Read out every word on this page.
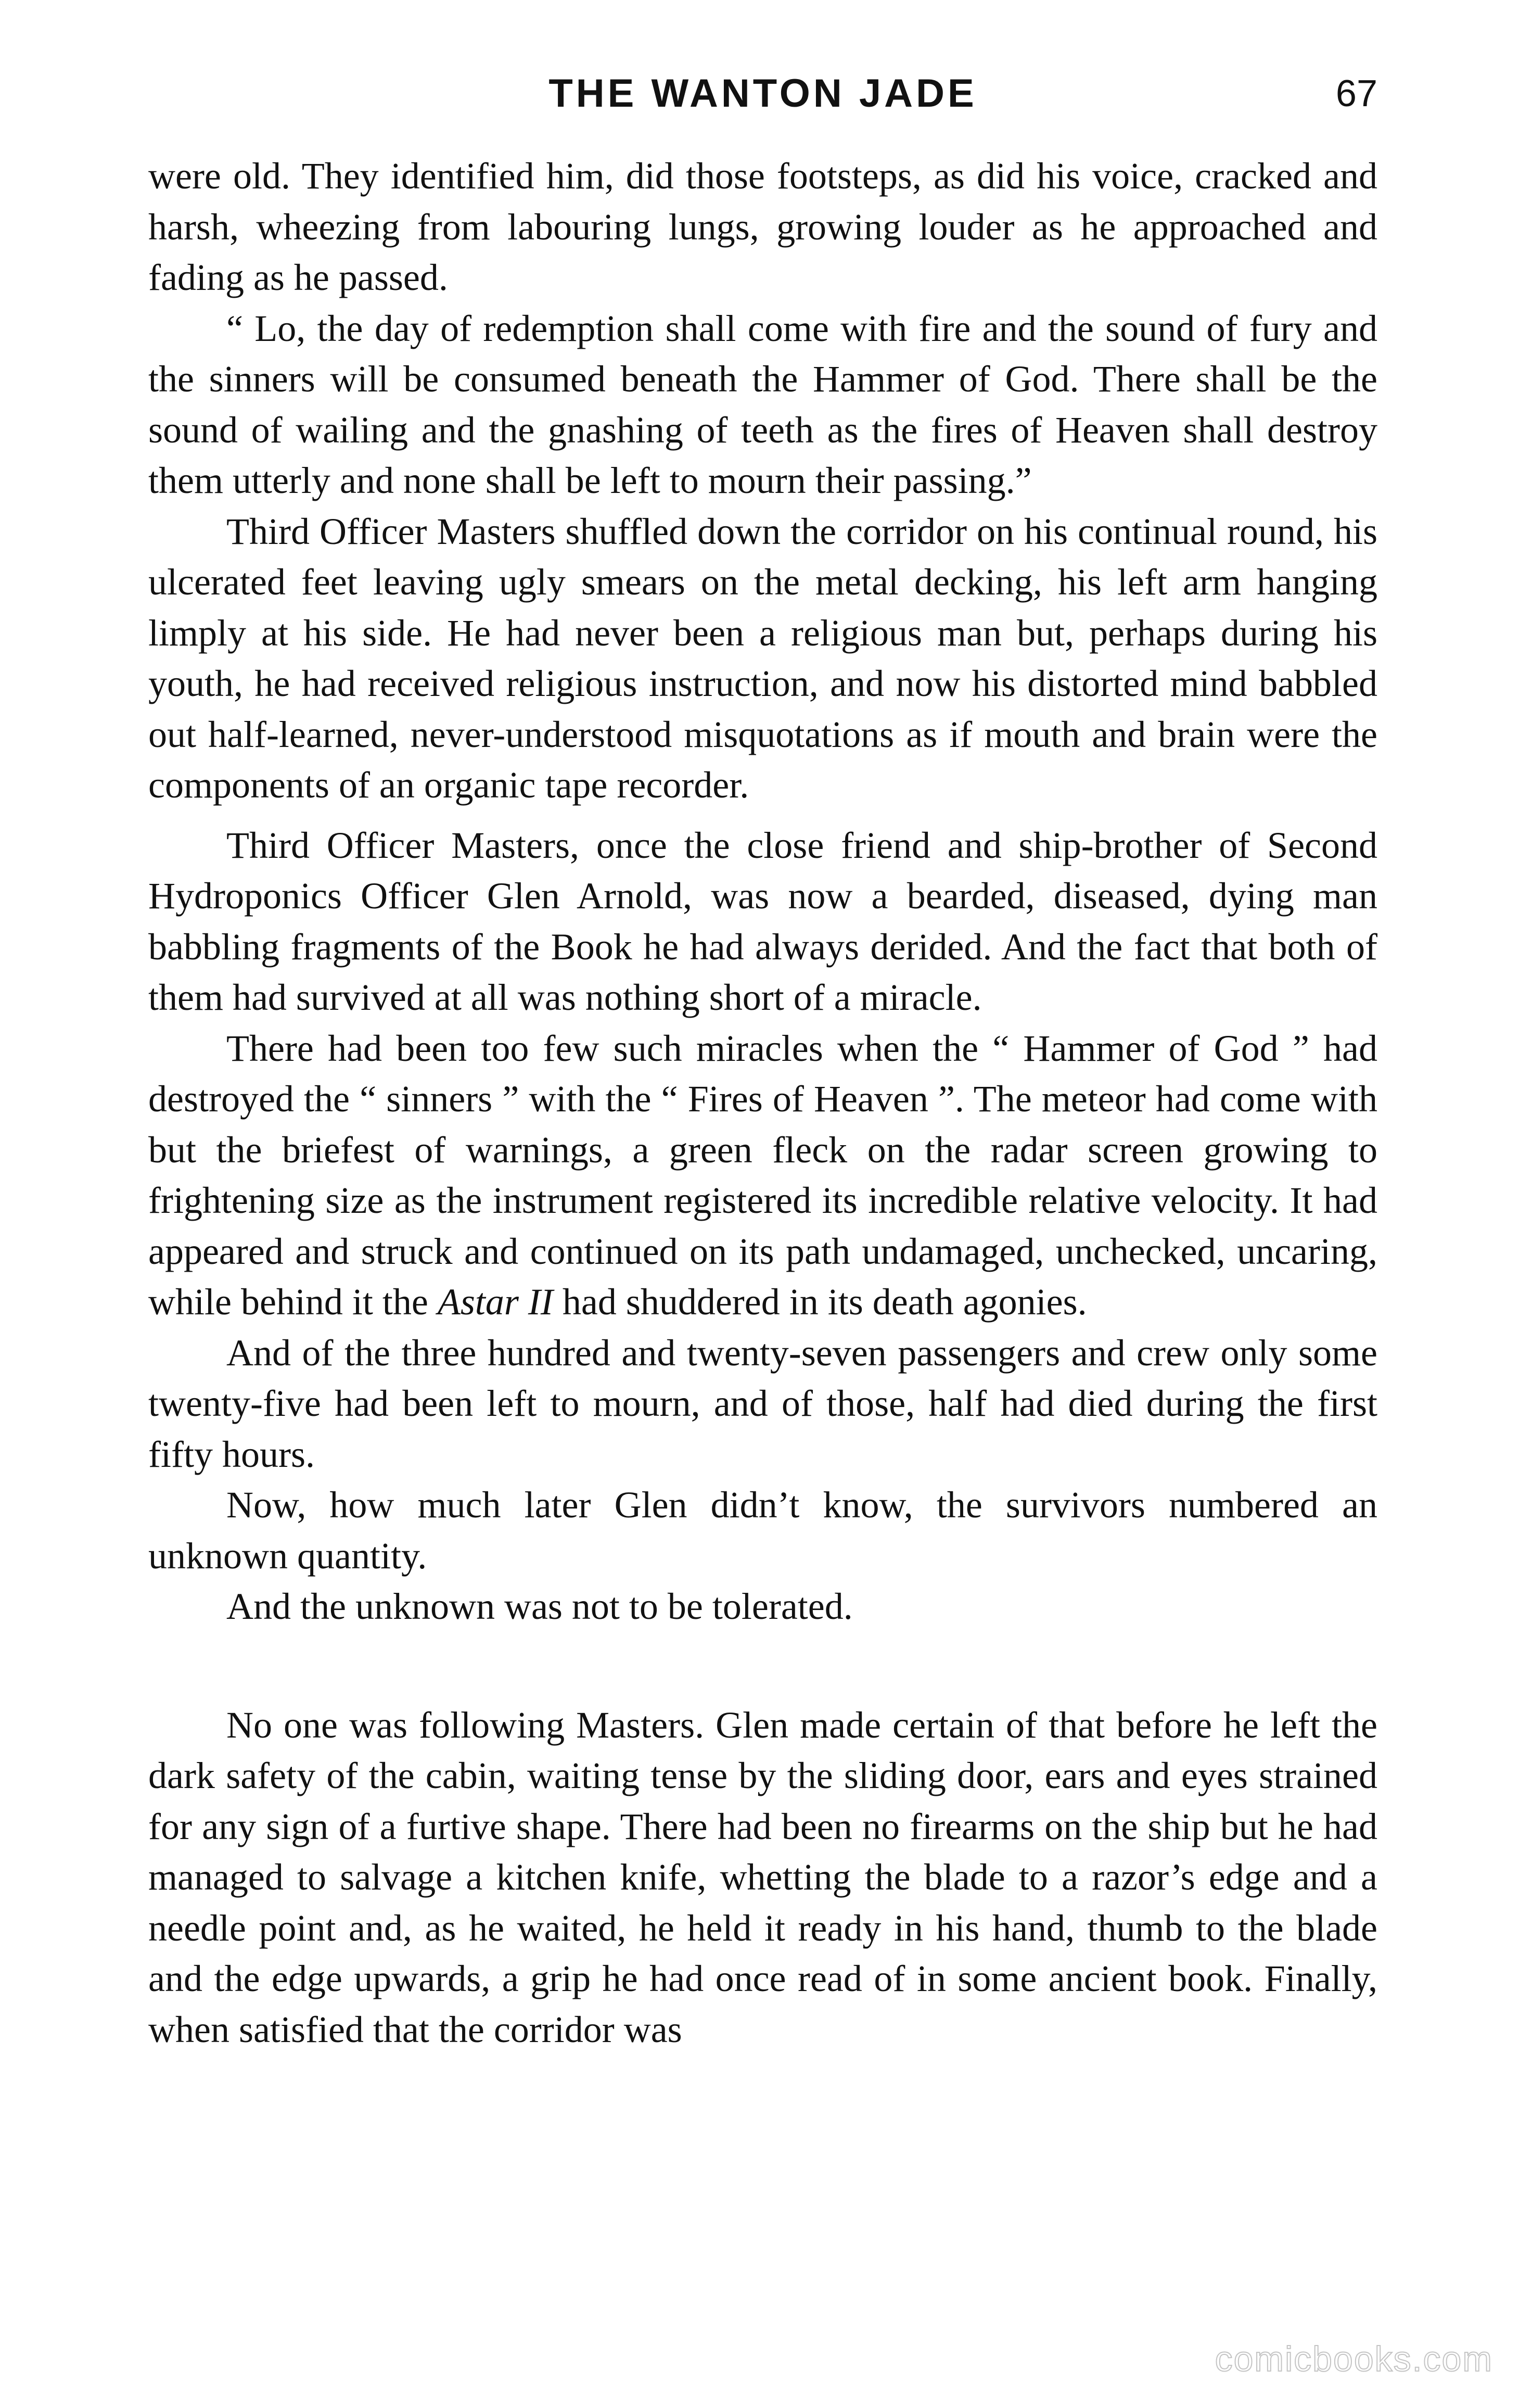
THE WANTON JADE	67

were old. They identified him, did those footsteps, as did his voice, cracked and harsh, wheezing from labouring lungs, growing louder as he approached and fading as he passed.

“ Lo, the day of redemption shall come with fire and the sound of fury and the sinners will be consumed beneath the Hammer of God. There shall be the sound of wailing and the gnashing of teeth as the fires of Heaven shall destroy them utterly and none shall be left to mourn their passing.”

Third Officer Masters shuffled down the corridor on his continual round, his ulcerated feet leaving ugly smears on the metal decking, his left arm hanging limply at his side. He had never been a religious man but, perhaps during his youth, he had received religious instruction, and now his distorted mind babbled out half-learned, never-understood misquotations as if mouth and brain were the components of an organic tape recorder.

Third Officer Masters, once the close friend and ship-brother of Second Hydroponics Officer Glen Arnold, was now a bearded, diseased, dying man babbling fragments of the Book he had always derided. And the fact that both of them had survived at all was nothing short of a miracle.

There had been too few such miracles when the “ Hammer of God ” had destroyed the “ sinners ” with the “ Fires of Heaven ”. The meteor had come with but the briefest of warnings, a green fleck on the radar screen growing to frightening size as the instrument registered its incredible relative velocity. It had appeared and struck and continued on its path undamaged, unchecked, uncaring, while behind it the Astar II had shuddered in its death agonies.

And of the three hundred and twenty-seven passengers and crew only some twenty-five had been left to mourn, and of those, half had died during the first fifty hours.

Now, how much later Glen didn’t know, the survivors numbered an unknown quantity.

And the unknown was not to be tolerated.

No one was following Masters. Glen made certain of that before he left the dark safety of the cabin, waiting tense by the sliding door, ears and eyes strained for any sign of a furtive shape. There had been no firearms on the ship but he had managed to salvage a kitchen knife, whetting the blade to a razor’s edge and a needle point and, as he waited, he held it ready in his hand, thumb to the blade and the edge upwards, a grip he had once read of in some ancient book. Finally, when satisfied that the corridor was

comicbooks.com
